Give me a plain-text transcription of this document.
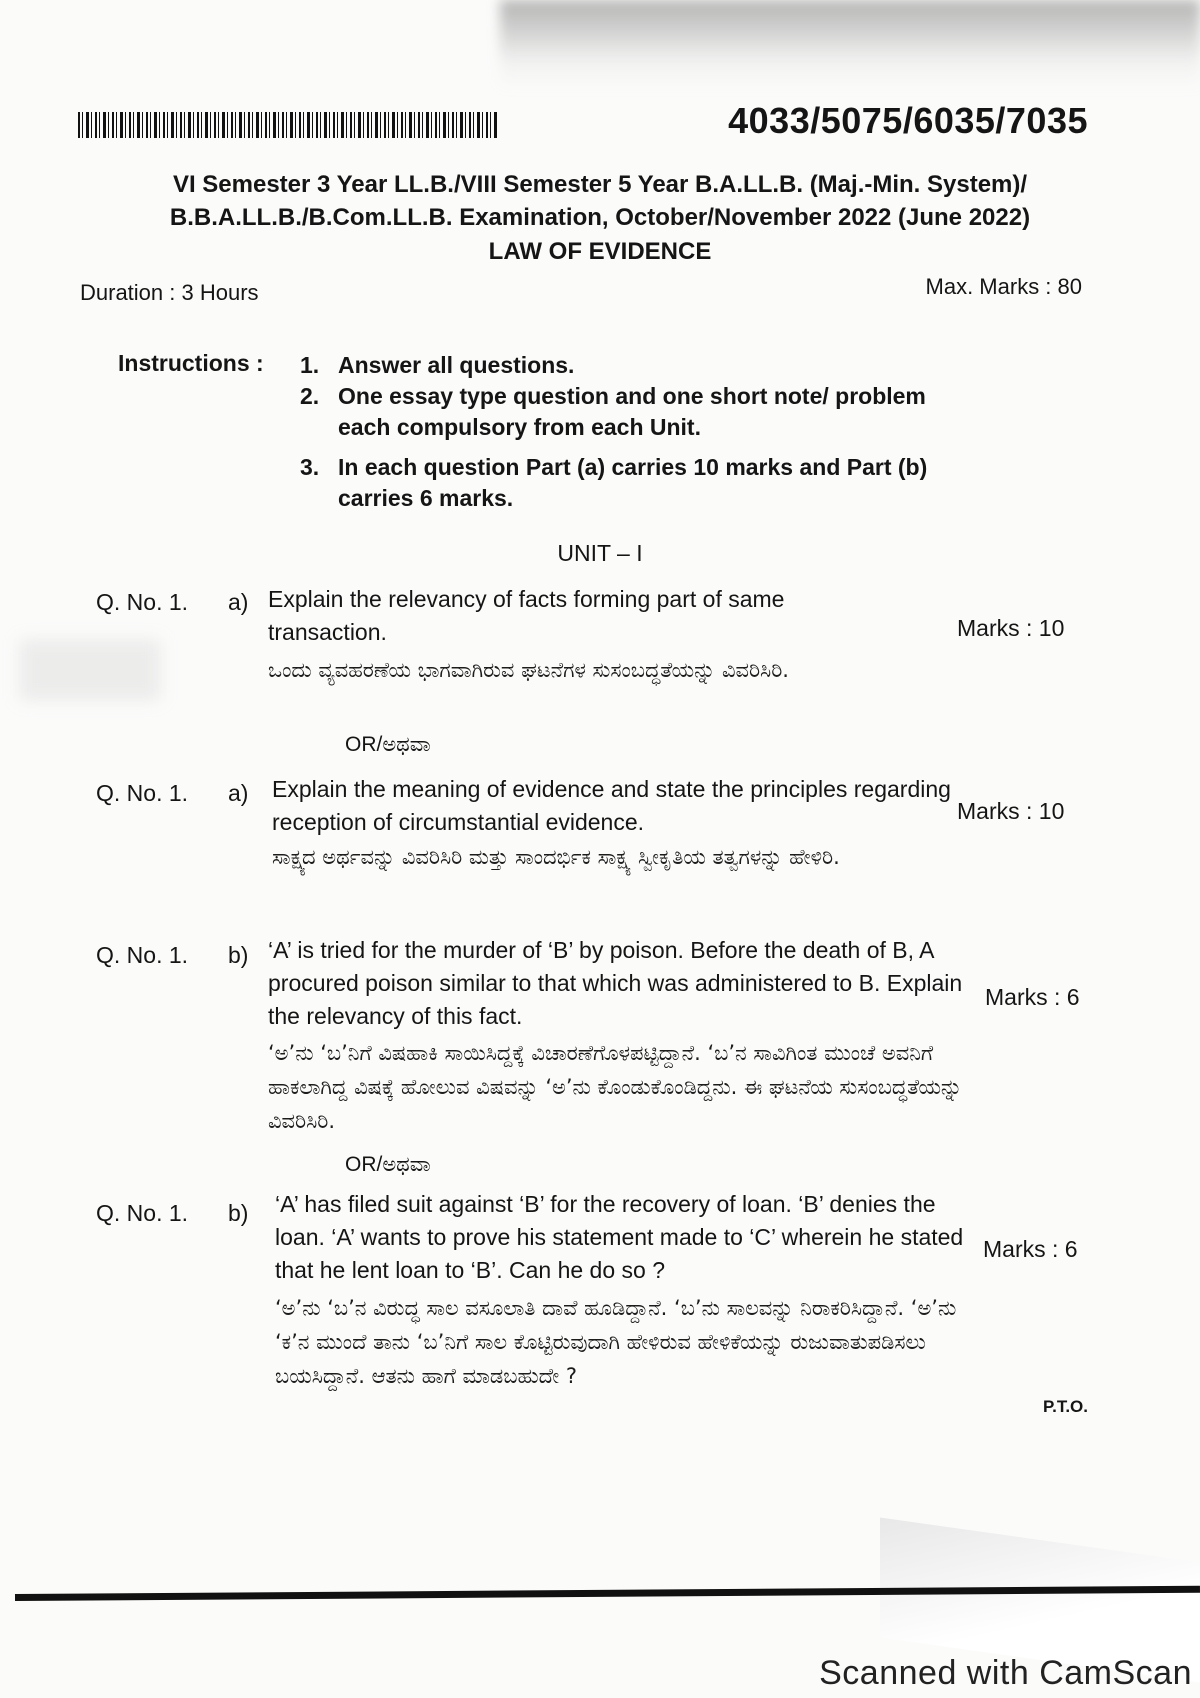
4033/5075/6035/7035
VI Semester 3 Year LL.B./VIII Semester 5 Year B.A.LL.B. (Maj.-Min. System)/
B.B.A.LL.B./B.Com.LL.B. Examination, October/November 2022 (June 2022)
LAW OF EVIDENCE
Duration : 3 Hours	Max. Marks : 80
Instructions : 1. Answer all questions.
2. One essay type question and one short note/ problem each compulsory from each Unit.
3. In each question Part (a) carries 10 marks and Part (b) carries 6 marks.
UNIT – I
Q. No. 1. a) Explain the relevancy of facts forming part of same transaction.
ಒಂದು ವ್ಯವಹರಣೆಯ ಭಾಗವಾಗಿರುವ ಘಟನೆಗಳ ಸುಸಂಬದ್ಧತೆಯನ್ನು ವಿವರಿಸಿರಿ.
Marks : 10
OR/ಅಥವಾ
Q. No. 1. a) Explain the meaning of evidence and state the principles regarding reception of circumstantial evidence.
ಸಾಕ್ಷ್ಯದ ಅರ್ಥವನ್ನು ವಿವರಿಸಿರಿ ಮತ್ತು ಸಾಂದರ್ಭಿಕ ಸಾಕ್ಷ್ಯ ಸ್ವೀಕೃತಿಯ ತತ್ವಗಳನ್ನು ಹೇಳಿರಿ.
Marks : 10
Q. No. 1. b) ‘A’ is tried for the murder of ‘B’ by poison. Before the death of B, A procured poison similar to that which was administered to B. Explain the relevancy of this fact.
‘ಅ’ನು ‘ಬ’ನಿಗೆ ವಿಷಹಾಕಿ ಸಾಯಿಸಿದ್ದಕ್ಕೆ ವಿಚಾರಣೆಗೊಳಪಟ್ಟಿದ್ದಾನೆ. ‘ಬ’ನ ಸಾವಿಗಿಂತ ಮುಂಚೆ ಅವನಿಗೆ ಹಾಕಲಾಗಿದ್ದ ವಿಷಕ್ಕೆ ಹೋಲುವ ವಿಷವನ್ನು ‘ಅ’ನು ಕೊಂಡುಕೊಂಡಿದ್ದನು. ಈ ಘಟನೆಯ ಸುಸಂಬದ್ಧತೆಯನ್ನು ವಿವರಿಸಿರಿ.
Marks : 6
OR/ಅಥವಾ
Q. No. 1. b) ‘A’ has filed suit against ‘B’ for the recovery of loan. ‘B’ denies the loan. ‘A’ wants to prove his statement made to ‘C’ wherein he stated that he lent loan to ‘B’. Can he do so ?
‘ಅ’ನು ‘ಬ’ನ ವಿರುದ್ಧ ಸಾಲ ವಸೂಲಾತಿ ದಾವೆ ಹೂಡಿದ್ದಾನೆ. ‘ಬ’ನು ಸಾಲವನ್ನು ನಿರಾಕರಿಸಿದ್ದಾನೆ. ‘ಅ’ನು ‘ಕ’ನ ಮುಂದೆ ತಾನು ‘ಬ’ನಿಗೆ ಸಾಲ ಕೊಟ್ಟಿರುವುದಾಗಿ ಹೇಳಿರುವ ಹೇಳಿಕೆಯನ್ನು ರುಜುವಾತುಪಡಿಸಲು ಬಯಸಿದ್ದಾನೆ. ಆತನು ಹಾಗೆ ಮಾಡಬಹುದೇ ?
Marks : 6
P.T.O.
Scanned with CamScan
